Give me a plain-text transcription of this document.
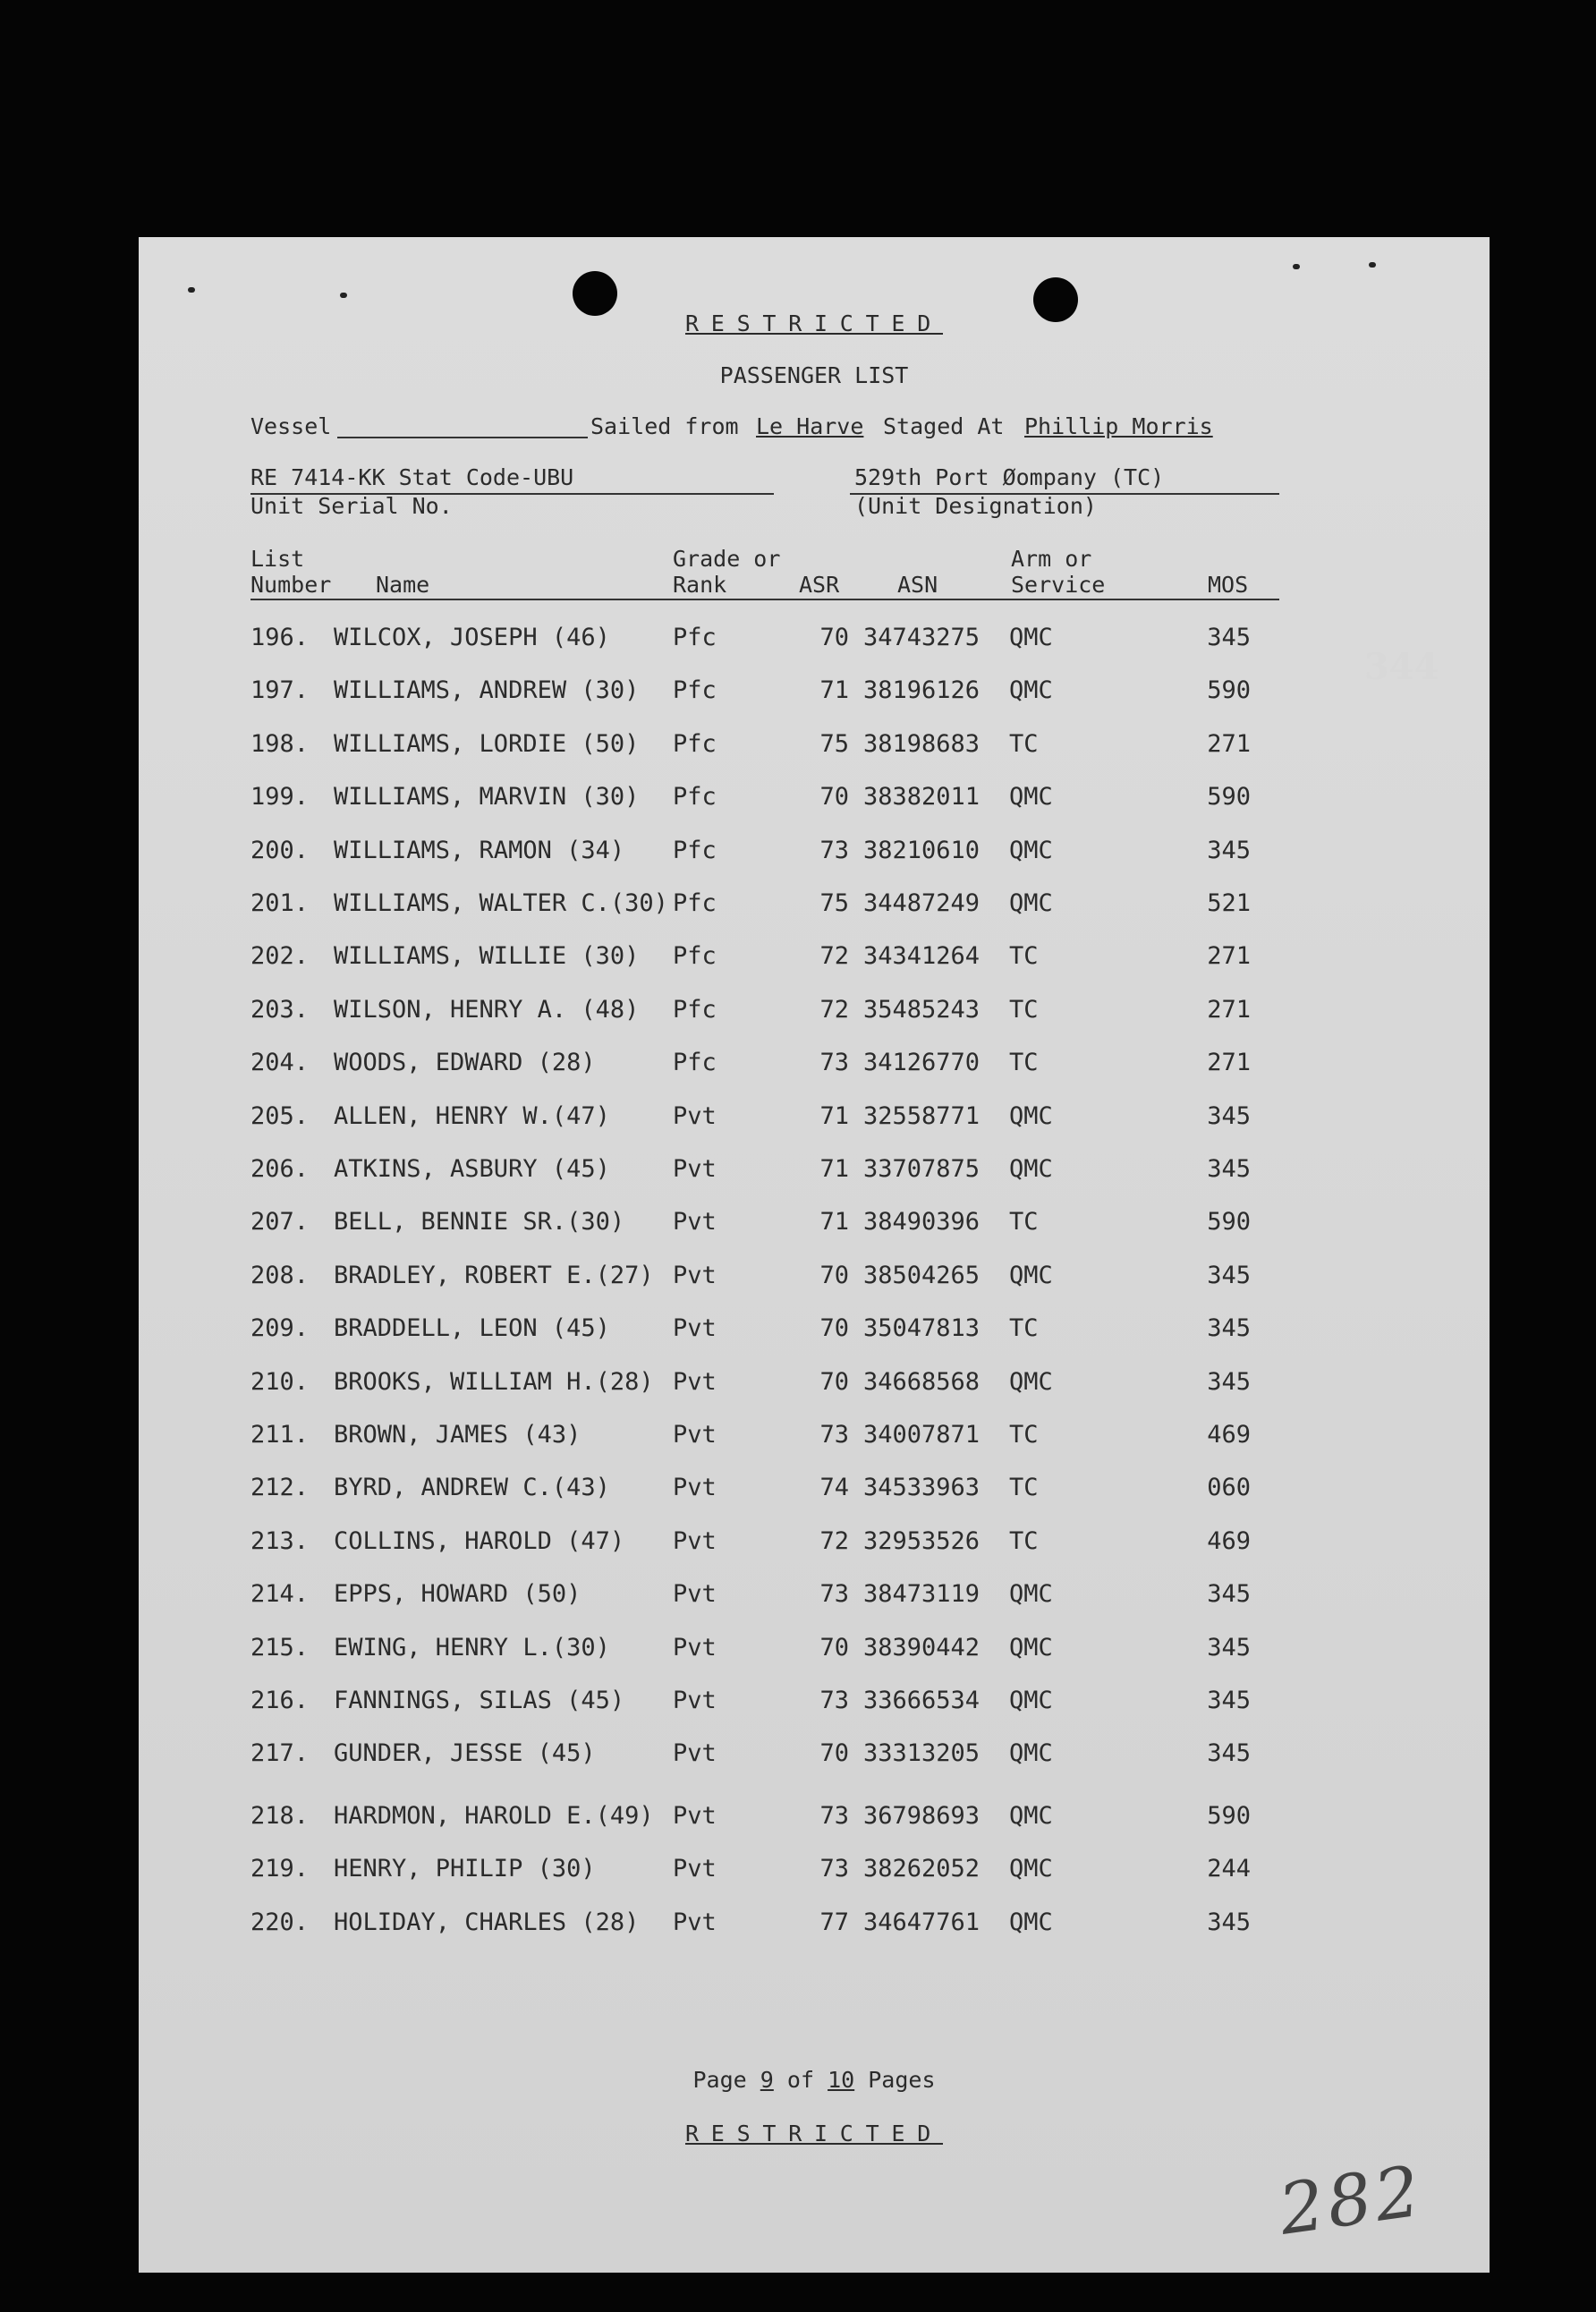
RESTRICTED
PASSENGER LIST
Vessel	Sailed from Le Harve Staged At Phillip Morris
RE 7414-KK Stat Code-UBU
Unit Serial No.
529th Port Øompany (TC)
(Unit Designation)
List
Number Name
Grade or
Rank	ASR	ASN
Arm or
Service	MOS
196. WILCOX, JOSEPH (46)	Pfc	70 34743275 QMC	345
197. WILLIAMS, ANDREW (30) Pfc	71 38196126 QMC	590
198. WILLIAMS, LORDIE (50) Pfc	75 38198683 TC	271
199. WILLIAMS, MARVIN (30) Pfc	70 38382011 QMC	590
200. WILLIAMS, RAMON (34) Pfc	73 38210610 QMC	345
201. WILLIAMS, WALTER C.(30) Pfc	75 34487249 QMC	521
202. WILLIAMS, WILLIE (30) Pfc	72 34341264 TC	271
203. WILSON, HENRY A. (48) Pfc	72 35485243 TC	271
204. WOODS, EDWARD (28)	Pfc	73 34126770 TC	271
205. ALLEN, HENRY W.(47)	Pvt	71 32558771 QMC	345
206. ATKINS, ASBURY (45)	Pvt	71 33707875 QMC	345
207. BELL, BENNIE SR.(30) Pvt	71 38490396 TC	590
208. BRADLEY, ROBERT E.(27) Pvt	70 38504265 QMC	345
209. BRADDELL, LEON (45)	Pvt	70 35047813 TC	345
210. BROOKS, WILLIAM H.(28) Pvt	70 34668568 QMC	345
211. BROWN, JAMES (43)	Pvt	73 34007871 TC	469
212. BYRD, ANDREW C.(43)	Pvt	74 34533963 TC	060
213. COLLINS, HAROLD (47) Pvt	72 32953526 TC	469
214. EPPS, HOWARD (50)	Pvt	73 38473119 QMC	345
215. EWING, HENRY L.(30)	Pvt	70 38390442 QMC	345
216. FANNINGS, SILAS (45) Pvt	73 33666534 QMC	345
217. GUNDER, JESSE (45)	Pvt	70 33313205 QMC	345
218. HARDMON, HAROLD E.(49) Pvt	73 36798693 QMC	590
219. HENRY, PHILIP (30)	Pvt	73 38262052 QMC	244
220. HOLIDAY, CHARLES (28) Pvt	77 34647761 QMC	345
Page 9 of 10 Pages
RESTRICTED
344
282
